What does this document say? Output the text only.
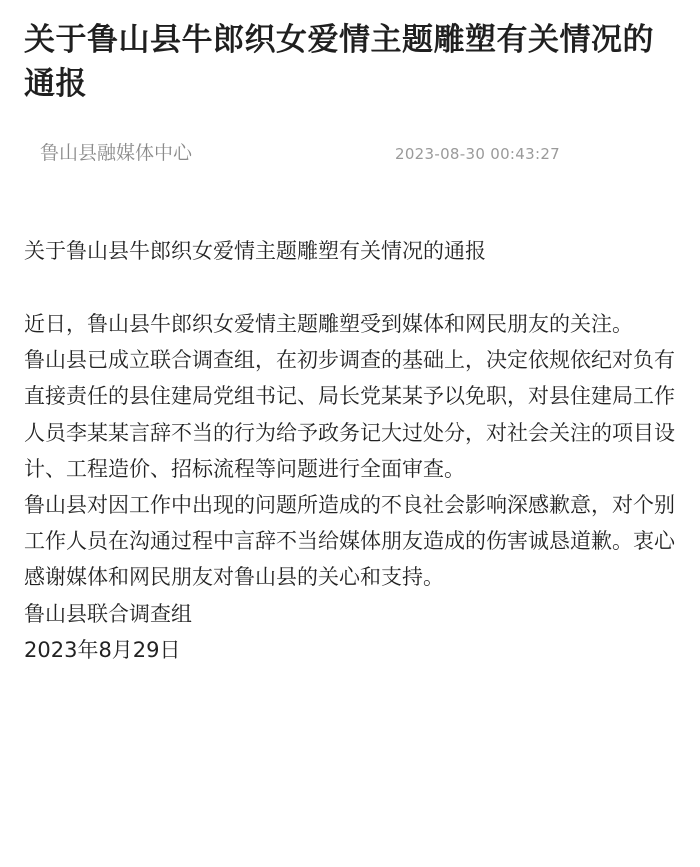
关于鲁山县牛郎织女爱情主题雕塑有关情况的通报
鲁山县融媒体中心	2023-08-30 00:43:27

关于鲁山县牛郎织女爱情主题雕塑有关情况的通报

近日，鲁山县牛郎织女爱情主题雕塑受到媒体和网民朋友的关注。

鲁山县已成立联合调查组，在初步调查的基础上，决定依规依纪对负有直接责任的县住建局党组书记、局长党某某予以免职，对县住建局工作人员李某某言辞不当的行为给予政务记大过处分，对社会关注的项目设计、工程造价、招标流程等问题进行全面审查。

鲁山县对因工作中出现的问题所造成的不良社会影响深感歉意，对个别工作人员在沟通过程中言辞不当给媒体朋友造成的伤害诚恳道歉。衷心感谢媒体和网民朋友对鲁山县的关心和支持。

鲁山县联合调查组

2023年8月29日
